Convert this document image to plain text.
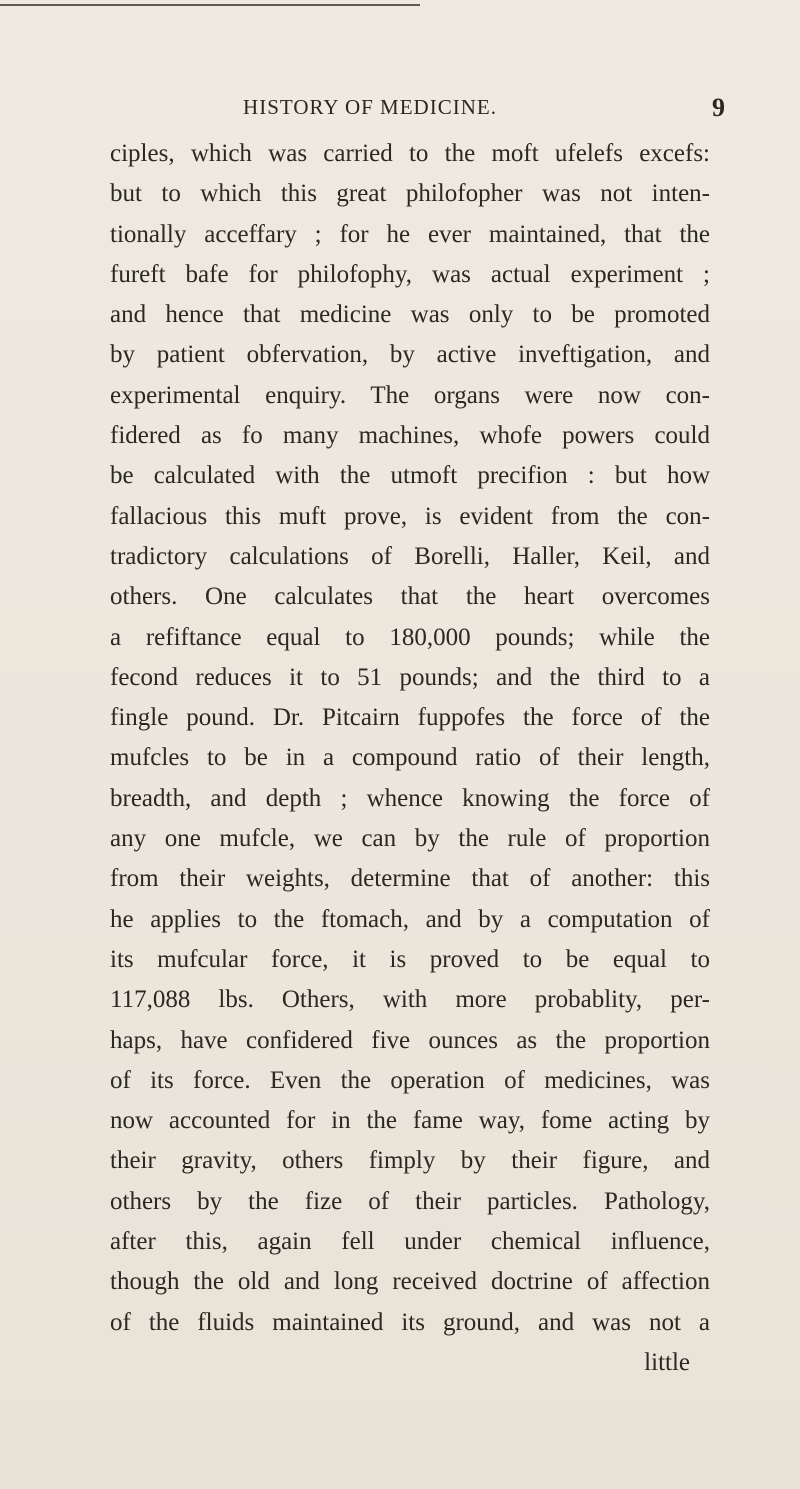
HISTORY OF MEDICINE.	9
ciples, which was carried to the moft ufelefs excefs:
but to which this great philofopher was not inten-
tionally acceffary ; for he ever maintained, that the
fureft bafe for philofophy, was actual experiment ;
and hence that medicine was only to be promoted
by patient obfervation, by active inveftigation, and
experimental enquiry. The organs were now con-
fidered as fo many machines, whofe powers could
be calculated with the utmoft precifion : but how
fallacious this muft prove, is evident from the con-
tradictory calculations of Borelli, Haller, Keil, and
others. One calculates that the heart overcomes
a refiftance equal to 180,000 pounds; while the
fecond reduces it to 51 pounds; and the third to a
fingle pound. Dr. Pitcairn fuppofes the force of the
mufcles to be in a compound ratio of their length,
breadth, and depth ; whence knowing the force of
any one mufcle, we can by the rule of proportion
from their weights, determine that of another: this
he applies to the ftomach, and by a computation of
its mufcular force, it is proved to be equal to
117,088 lbs. Others, with more probablity, per-
haps, have confidered five ounces as the proportion
of its force. Even the operation of medicines, was
now accounted for in the fame way, fome acting by
their gravity, others fimply by their figure, and
others by the fize of their particles. Pathology,
after this, again fell under chemical influence,
though the old and long received doctrine of affection
of the fluids maintained its ground, and was not a
little
